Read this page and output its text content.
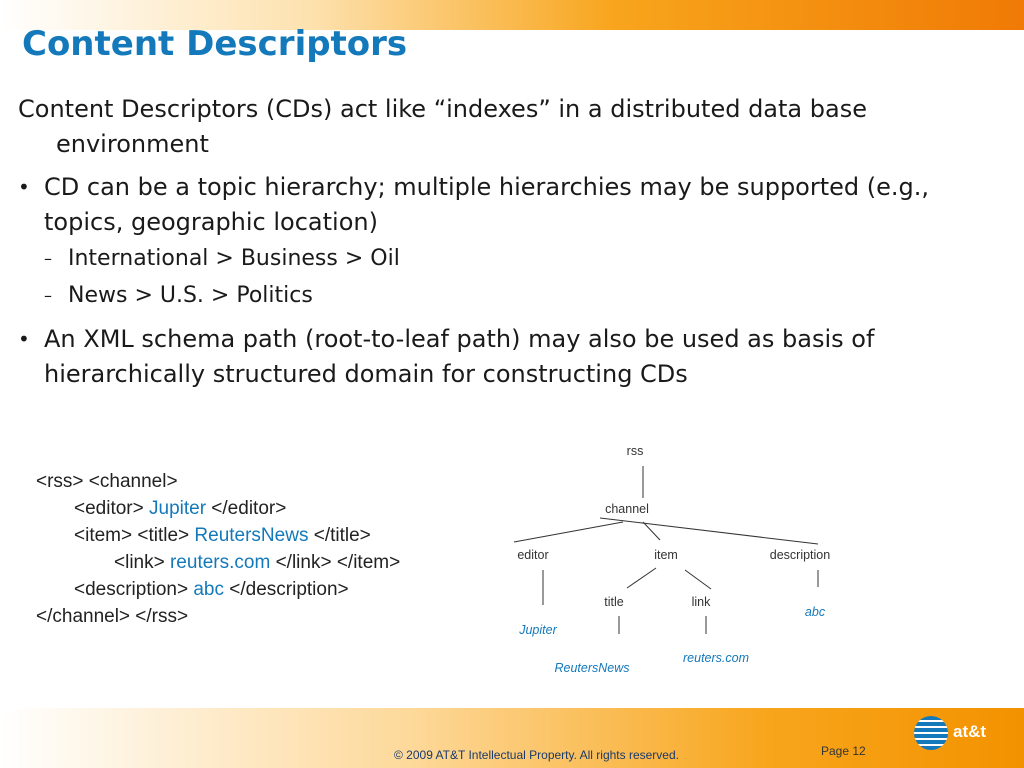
Content Descriptors

Content Descriptors (CDs) act like “indexes” in a distributed data base environment

• CD can be a topic hierarchy; multiple hierarchies may be supported (e.g., topics, geographic location)
– International > Business > Oil
– News > U.S. > Politics
• An XML schema path (root-to-leaf path) may also be used as basis of hierarchically structured domain for constructing CDs
<rss> <channel>
<editor> Jupiter </editor>
<item> <title> ReutersNews </title>
<link> reuters.com </link> </item>
<description> abc </description>
</channel> </rss>
rss
channel
editor	item	description
title	link
Jupiter
ReutersNews
reuters.com
abc
© 2009 AT&T Intellectual Property. All rights reserved.	Page 12
at&t
